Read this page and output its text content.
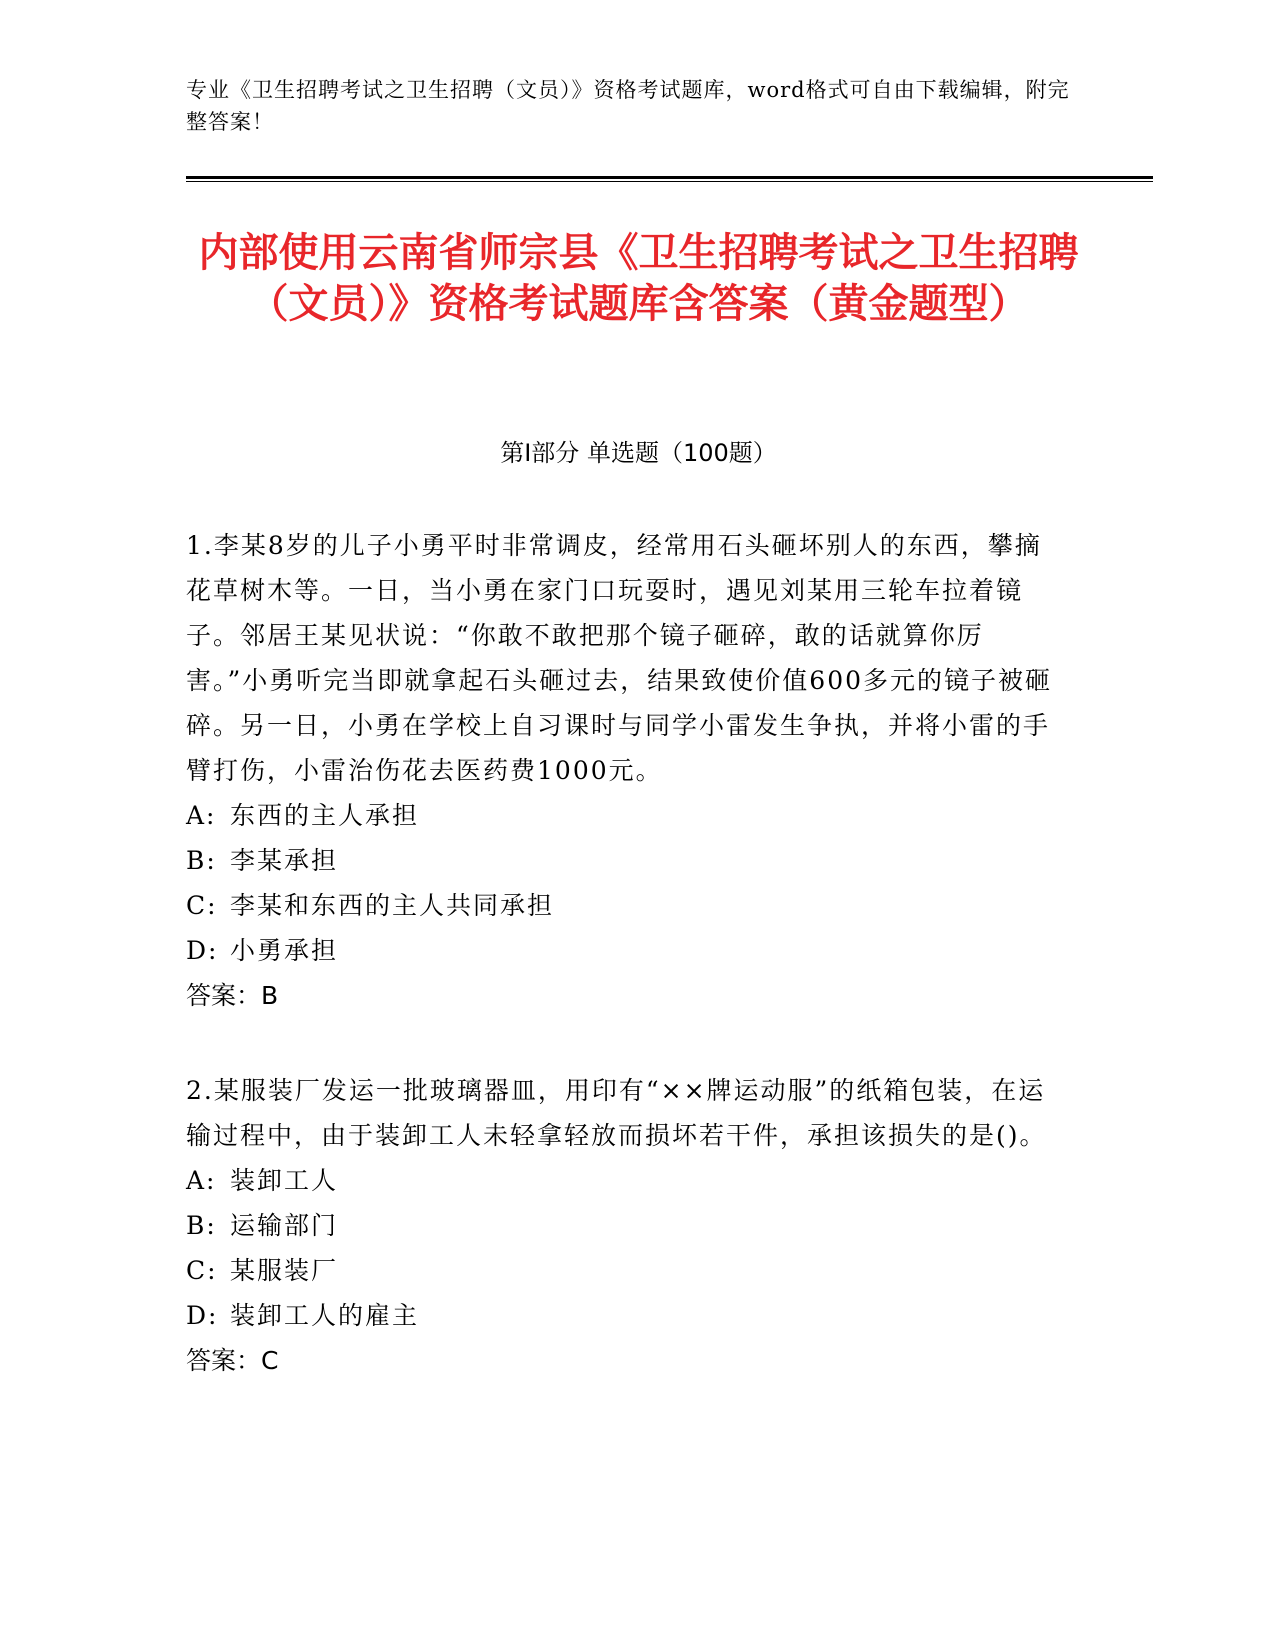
专业《卫生招聘考试之卫生招聘（文员）》资格考试题库，word格式可自由下载编辑，附完整答案！
内部使用云南省师宗县《卫生招聘考试之卫生招聘（文员）》资格考试题库含答案（黄金题型）
第Ⅰ部分 单选题（100题）

1.李某8岁的儿子小勇平时非常调皮，经常用石头砸坏别人的东西，攀摘花草树木等。一日，当小勇在家门口玩耍时，遇见刘某用三轮车拉着镜子。邻居王某见状说：“你敢不敢把那个镜子砸碎，敢的话就算你厉害。”小勇听完当即就拿起石头砸过去，结果致使价值600多元的镜子被砸碎。另一日，小勇在学校上自习课时与同学小雷发生争执，并将小雷的手臂打伤，小雷治伤花去医药费1000元。

A: 东西的主人承担

B: 李某承担

C: 李某和东西的主人共同承担

D: 小勇承担

答案：B

2.某服装厂发运一批玻璃器皿，用印有“××牌运动服”的纸箱包装，在运输过程中，由于装卸工人未轻拿轻放而损坏若干件，承担该损失的是()。

A: 装卸工人

B: 运输部门

C: 某服装厂

D: 装卸工人的雇主

答案：C
